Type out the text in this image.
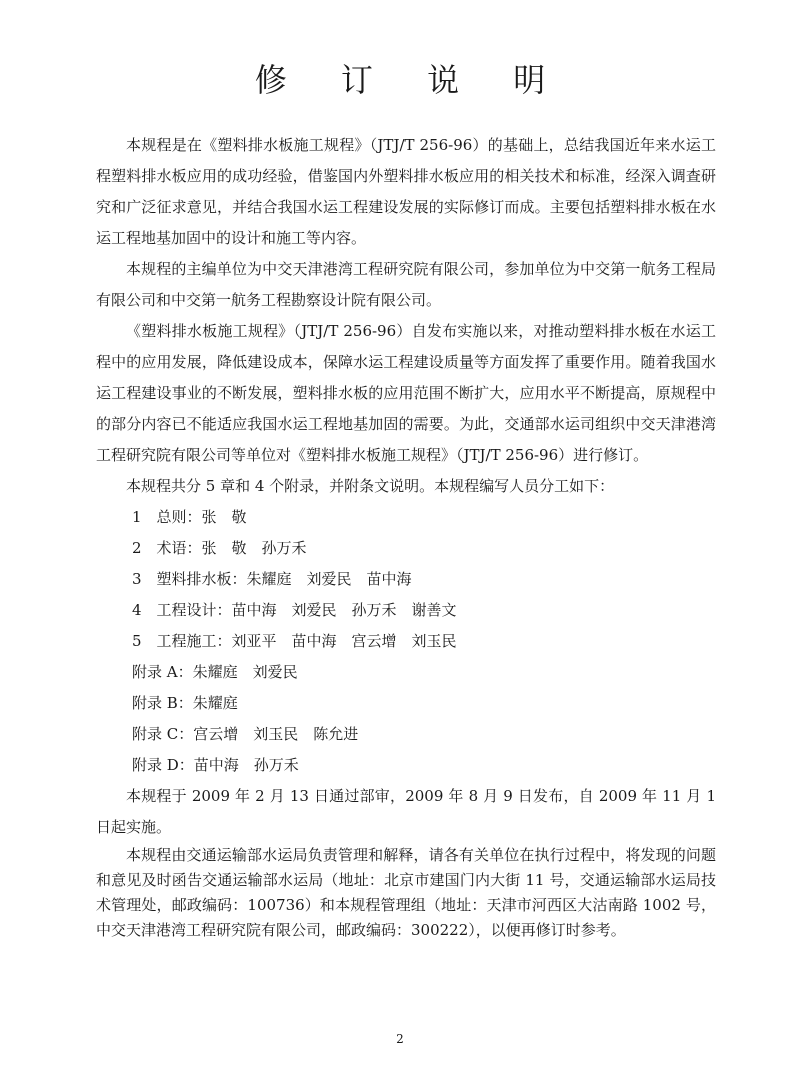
修 订 说 明

本规程是在《塑料排水板施工规程》（JTJ/T 256-96）的基础上，总结我国近年来水运工程塑料排水板应用的成功经验，借鉴国内外塑料排水板应用的相关技术和标准，经深入调查研究和广泛征求意见，并结合我国水运工程建设发展的实际修订而成。主要包括塑料排水板在水运工程地基加固中的设计和施工等内容。

本规程的主编单位为中交天津港湾工程研究院有限公司，参加单位为中交第一航务工程局有限公司和中交第一航务工程勘察设计院有限公司。

《塑料排水板施工规程》（JTJ/T 256-96）自发布实施以来，对推动塑料排水板在水运工程中的应用发展，降低建设成本，保障水运工程建设质量等方面发挥了重要作用。随着我国水运工程建设事业的不断发展，塑料排水板的应用范围不断扩大，应用水平不断提高，原规程中的部分内容已不能适应我国水运工程地基加固的需要。为此，交通部水运司组织中交天津港湾工程研究院有限公司等单位对《塑料排水板施工规程》（JTJ/T 256-96）进行修订。

本规程共分 5 章和 4 个附录，并附条文说明。本规程编写人员分工如下：

1　总则：张　敬

2　术语：张　敬　孙万禾

3　塑料排水板：朱耀庭　刘爱民　苗中海

4　工程设计：苗中海　刘爱民　孙万禾　谢善文

5　工程施工：刘亚平　苗中海　宫云增　刘玉民

附录 A：朱耀庭　刘爱民

附录 B：朱耀庭

附录 C：宫云增　刘玉民　陈允进

附录 D：苗中海　孙万禾

本规程于 2009 年 2 月 13 日通过部审，2009 年 8 月 9 日发布，自 2009 年 11 月 1 日起实施。

本规程由交通运输部水运局负责管理和解释，请各有关单位在执行过程中，将发现的问题和意见及时函告交通运输部水运局（地址：北京市建国门内大街 11 号，交通运输部水运局技术管理处，邮政编码：100736）和本规程管理组（地址：天津市河西区大沽南路 1002 号，中交天津港湾工程研究院有限公司，邮政编码：300222），以便再修订时参考。

2
